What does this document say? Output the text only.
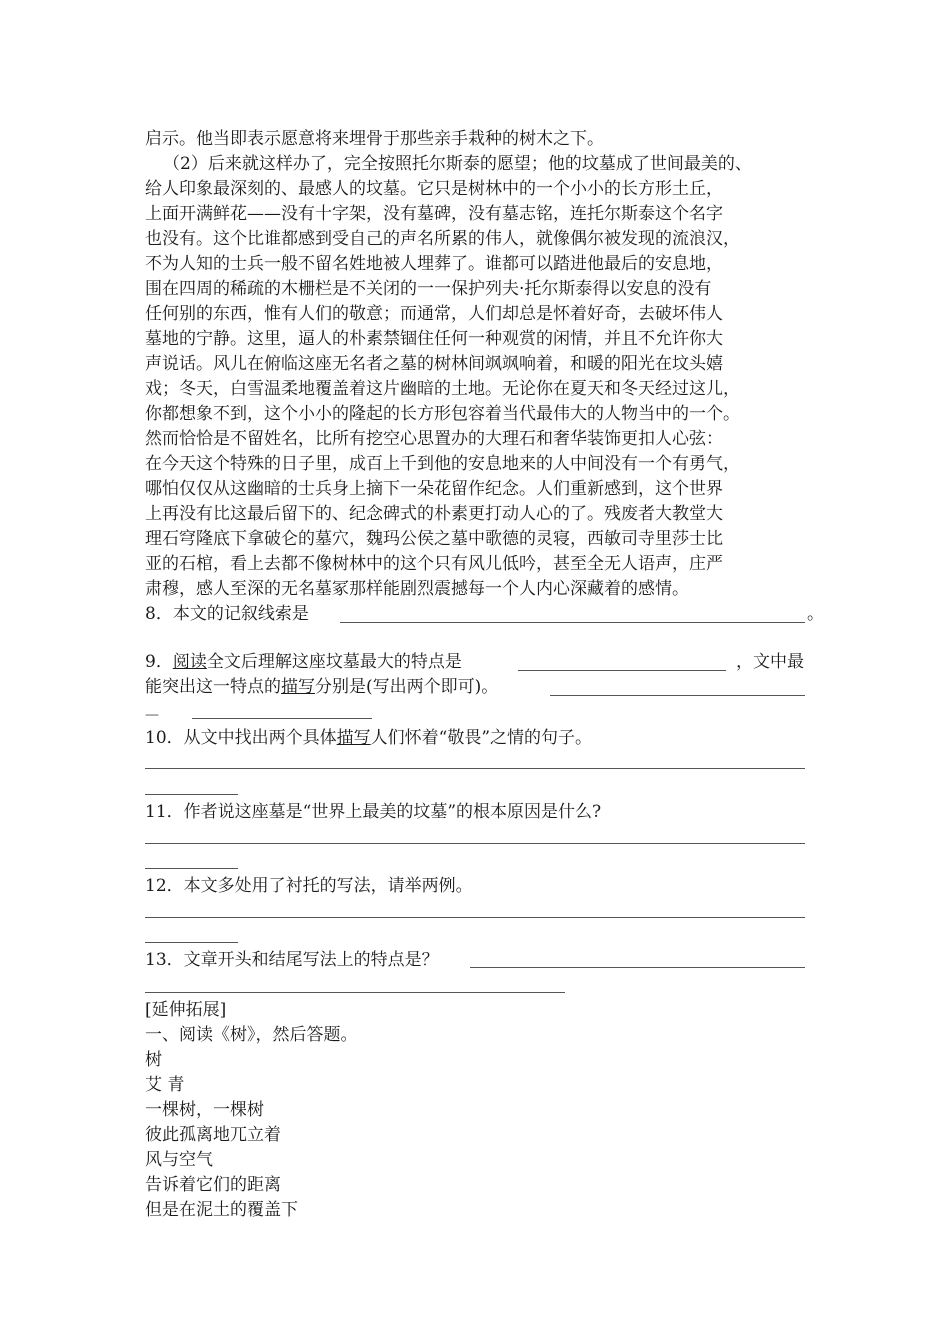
启示。他当即表示愿意将来埋骨于那些亲手栽种的树木之下。
（2）后来就这样办了，完全按照托尔斯泰的愿望；他的坟墓成了世间最美的、
给人印象最深刻的、最感人的坟墓。它只是树林中的一个小小的长方形土丘，
上面开满鲜花——没有十字架，没有墓碑，没有墓志铭，连托尔斯泰这个名字
也没有。这个比谁都感到受自己的声名所累的伟人，就像偶尔被发现的流浪汉，
不为人知的士兵一般不留名姓地被人埋葬了。谁都可以踏进他最后的安息地，
围在四周的稀疏的木栅栏是不关闭的一一保护列夫·托尔斯泰得以安息的没有
任何别的东西，惟有人们的敬意；而通常，人们却总是怀着好奇，去破坏伟人
墓地的宁静。这里，逼人的朴素禁锢住任何一种观赏的闲情，并且不允许你大
声说话。风儿在俯临这座无名者之墓的树林间飒飒响着，和暖的阳光在坟头嬉
戏；冬天，白雪温柔地覆盖着这片幽暗的土地。无论你在夏天和冬天经过这儿，
你都想象不到，这个小小的隆起的长方形包容着当代最伟大的人物当中的一个。
然而恰恰是不留姓名，比所有挖空心思置办的大理石和奢华装饰更扣人心弦：
在今天这个特殊的日子里，成百上千到他的安息地来的人中间没有一个有勇气，
哪怕仅仅从这幽暗的士兵身上摘下一朵花留作纪念。人们重新感到，这个世界
上再没有比这最后留下的、纪念碑式的朴素更打动人心的了。残废者大教堂大
理石穹隆底下拿破仑的墓穴，魏玛公侯之墓中歌德的灵寝，西敏司寺里莎士比
亚的石棺，看上去都不像树林中的这个只有风儿低吟，甚至全无人语声，庄严
肃穆，感人至深的无名墓冢那样能剧烈震撼每一个人内心深藏着的感情。
8．本文的记叙线索是	。
9．阅读全文后理解这座坟墓最大的特点是	，文中最
能突出这一特点的描写分别是(写出两个即可)。
—
10．从文中找出两个具体描写人们怀着“敬畏”之情的句子。
11．作者说这座墓是“世界上最美的坟墓”的根本原因是什么?
12．本文多处用了衬托的写法，请举两例。
13．文章开头和结尾写法上的特点是？
[延伸拓展]
一、阅读《树》，然后答题。
树
艾 青
一棵树，一棵树
彼此孤离地兀立着
风与空气
告诉着它们的距离
但是在泥土的覆盖下
